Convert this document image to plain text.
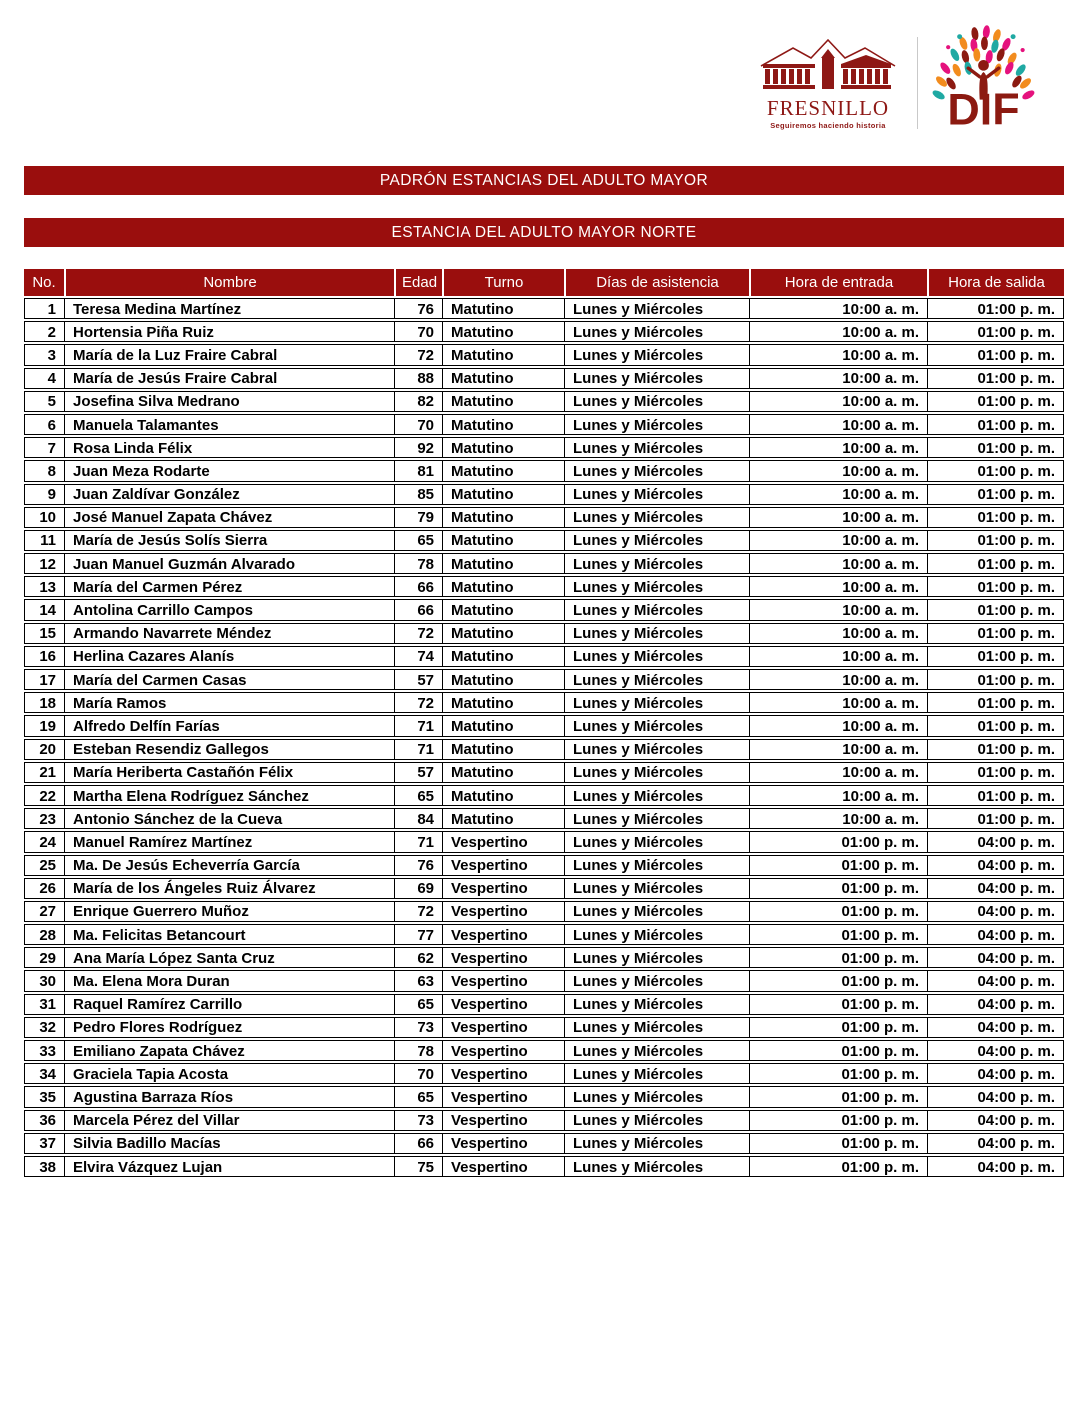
FRESNILLO
Seguiremos haciendo historia	DIF
PADRÓN ESTANCIAS DEL ADULTO MAYOR
ESTANCIA DEL ADULTO MAYOR NORTE
No.	Nombre	Edad	Turno	Días de asistencia	Hora de entrada	Hora de salida
1	Teresa Medina Martínez	76	Matutino	Lunes y Miércoles	10:00 a. m.	01:00 p. m.
2	Hortensia Piña Ruiz	70	Matutino	Lunes y Miércoles	10:00 a. m.	01:00 p. m.
3	María de la Luz Fraire Cabral	72	Matutino	Lunes y Miércoles	10:00 a. m.	01:00 p. m.
4	María de Jesús Fraire Cabral	88	Matutino	Lunes y Miércoles	10:00 a. m.	01:00 p. m.
5	Josefina Silva Medrano	82	Matutino	Lunes y Miércoles	10:00 a. m.	01:00 p. m.
6	Manuela Talamantes	70	Matutino	Lunes y Miércoles	10:00 a. m.	01:00 p. m.
7	Rosa Linda Félix	92	Matutino	Lunes y Miércoles	10:00 a. m.	01:00 p. m.
8	Juan Meza Rodarte	81	Matutino	Lunes y Miércoles	10:00 a. m.	01:00 p. m.
9	Juan Zaldívar González	85	Matutino	Lunes y Miércoles	10:00 a. m.	01:00 p. m.
10	José Manuel Zapata Chávez	79	Matutino	Lunes y Miércoles	10:00 a. m.	01:00 p. m.
11	María de Jesús Solís Sierra	65	Matutino	Lunes y Miércoles	10:00 a. m.	01:00 p. m.
12	Juan Manuel Guzmán Alvarado	78	Matutino	Lunes y Miércoles	10:00 a. m.	01:00 p. m.
13	María del Carmen Pérez	66	Matutino	Lunes y Miércoles	10:00 a. m.	01:00 p. m.
14	Antolina Carrillo Campos	66	Matutino	Lunes y Miércoles	10:00 a. m.	01:00 p. m.
15	Armando Navarrete Méndez	72	Matutino	Lunes y Miércoles	10:00 a. m.	01:00 p. m.
16	Herlina Cazares Alanís	74	Matutino	Lunes y Miércoles	10:00 a. m.	01:00 p. m.
17	María del Carmen Casas	57	Matutino	Lunes y Miércoles	10:00 a. m.	01:00 p. m.
18	María Ramos	72	Matutino	Lunes y Miércoles	10:00 a. m.	01:00 p. m.
19	Alfredo Delfín Farías	71	Matutino	Lunes y Miércoles	10:00 a. m.	01:00 p. m.
20	Esteban Resendiz Gallegos	71	Matutino	Lunes y Miércoles	10:00 a. m.	01:00 p. m.
21	María Heriberta Castañón Félix	57	Matutino	Lunes y Miércoles	10:00 a. m.	01:00 p. m.
22	Martha Elena Rodríguez Sánchez	65	Matutino	Lunes y Miércoles	10:00 a. m.	01:00 p. m.
23	Antonio Sánchez de la Cueva	84	Matutino	Lunes y Miércoles	10:00 a. m.	01:00 p. m.
24	Manuel Ramírez Martínez	71	Vespertino	Lunes y Miércoles	01:00 p. m.	04:00 p. m.
25	Ma. De Jesús Echeverría García	76	Vespertino	Lunes y Miércoles	01:00 p. m.	04:00 p. m.
26	María de los Ángeles Ruiz Álvarez	69	Vespertino	Lunes y Miércoles	01:00 p. m.	04:00 p. m.
27	Enrique Guerrero Muñoz	72	Vespertino	Lunes y Miércoles	01:00 p. m.	04:00 p. m.
28	Ma. Felicitas Betancourt	77	Vespertino	Lunes y Miércoles	01:00 p. m.	04:00 p. m.
29	Ana María López Santa Cruz	62	Vespertino	Lunes y Miércoles	01:00 p. m.	04:00 p. m.
30	Ma. Elena Mora Duran	63	Vespertino	Lunes y Miércoles	01:00 p. m.	04:00 p. m.
31	Raquel Ramírez Carrillo	65	Vespertino	Lunes y Miércoles	01:00 p. m.	04:00 p. m.
32	Pedro Flores Rodríguez	73	Vespertino	Lunes y Miércoles	01:00 p. m.	04:00 p. m.
33	Emiliano Zapata Chávez	78	Vespertino	Lunes y Miércoles	01:00 p. m.	04:00 p. m.
34	Graciela Tapia Acosta	70	Vespertino	Lunes y Miércoles	01:00 p. m.	04:00 p. m.
35	Agustina Barraza Ríos	65	Vespertino	Lunes y Miércoles	01:00 p. m.	04:00 p. m.
36	Marcela Pérez del Villar	73	Vespertino	Lunes y Miércoles	01:00 p. m.	04:00 p. m.
37	Silvia Badillo Macías	66	Vespertino	Lunes y Miércoles	01:00 p. m.	04:00 p. m.
38	Elvira Vázquez Lujan	75	Vespertino	Lunes y Miércoles	01:00 p. m.	04:00 p. m.
